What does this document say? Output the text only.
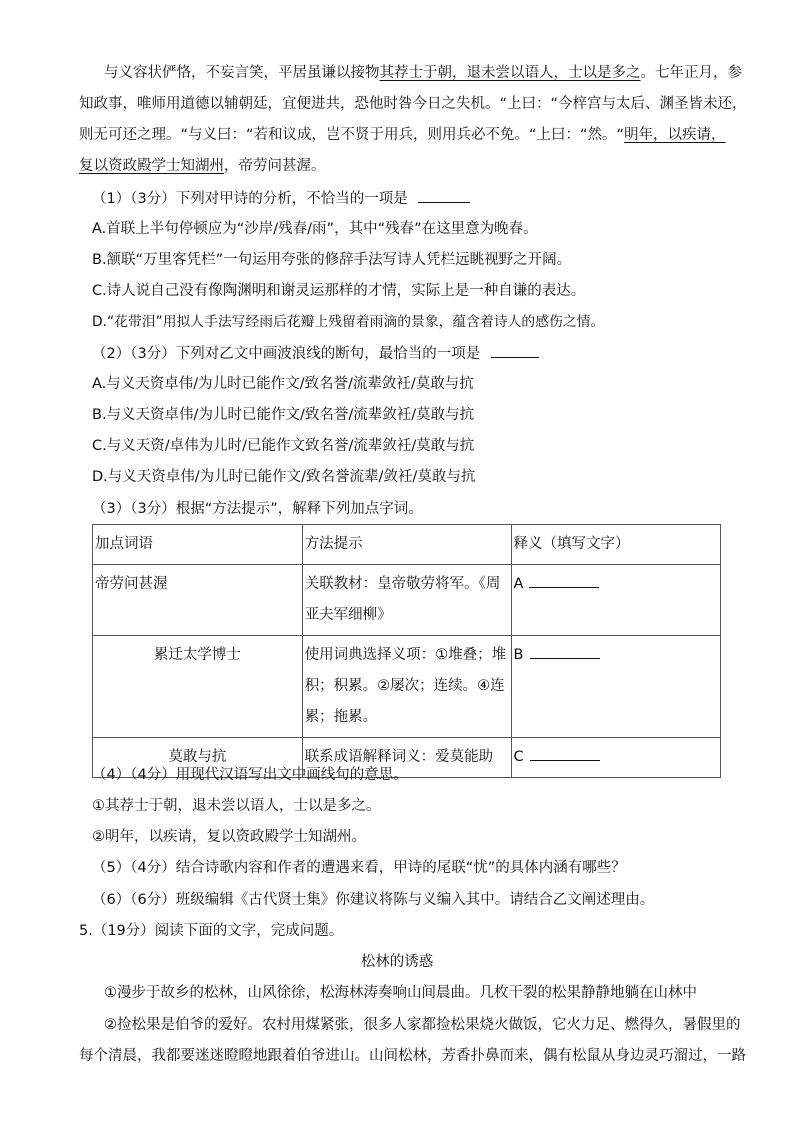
与义容状俨恪，不妄言笑，平居虽谦以接物其荐士于朝，退未尝以语人，士以是多之。七年正月，参
知政事，唯师用道德以辅朝廷，宜便进共，恐他时咎今日之失机。“上曰：“今梓宫与太后、渊圣皆未还，
则无可还之理。“与义曰：“若和议成，岂不贤于用兵，则用兵必不免。“上曰：“然。“明年，以疾请，
复以资政殿学士知湖州，帝劳问甚渥。
（1）（3分）下列对甲诗的分析，不恰当的一项是
A.首联上半句停顿应为“沙岸/残春/雨”，其中“残春”在这里意为晚春。
B.颔联“万里客凭栏”一句运用夸张的修辞手法写诗人凭栏远眺视野之开阔。
C.诗人说自己没有像陶渊明和谢灵运那样的才情，实际上是一种自谦的表达。
D.“花带泪”用拟人手法写经雨后花瓣上残留着雨滴的景象，蕴含着诗人的感伤之情。
（2）（3分）下列对乙文中画波浪线的断句，最恰当的一项是
A.与义天资卓伟/为儿时已能作文/致名誉/流辈敛衽/莫敢与抗
B.与义天资卓伟/为儿时已能作文/致名誉/流辈敛衽/莫敢与抗
C.与义天资/卓伟为儿时/已能作文致名誉/流辈敛衽/莫敢与抗
D.与义天资卓伟/为儿时已能作文/致名誉流辈/敛衽/莫敢与抗
（3）（3分）根据“方法提示”，解释下列加点字词。
加点词语	方法提示	释义（填写文字）
帝劳问甚渥	关联教材：皇帝敬劳将军。《周亚夫军细柳》	A
累迁太学博士	使用词典选择义项：①堆叠；堆积；积累。②屡次；连续。④连累；拖累。	B
莫敢与抗	联系成语解释词义：爱莫能助	C
（4）（4分）用现代汉语写出文中画线句的意思。
①其荐士于朝，退未尝以语人，士以是多之。
②明年，以疾请，复以资政殿学士知湖州。
（5）（4分）结合诗歌内容和作者的遭遇来看，甲诗的尾联“忧”的具体内涵有哪些？
（6）（6分）班级编辑《古代贤士集》你建议将陈与义编入其中。请结合乙文阐述理由。
5.（19分）阅读下面的文字，完成问题。
松林的诱惑
①漫步于故乡的松林，山风徐徐，松海林涛奏响山间晨曲。几枚干裂的松果静静地躺在山林中
②捡松果是伯爷的爱好。农村用煤紧张，很多人家都捡松果烧火做饭，它火力足、燃得久，暑假里的
每个清晨，我都要迷迷瞪瞪地跟着伯爷进山。山间松林，芳香扑鼻而来，偶有松鼠从身边灵巧溜过，一路
